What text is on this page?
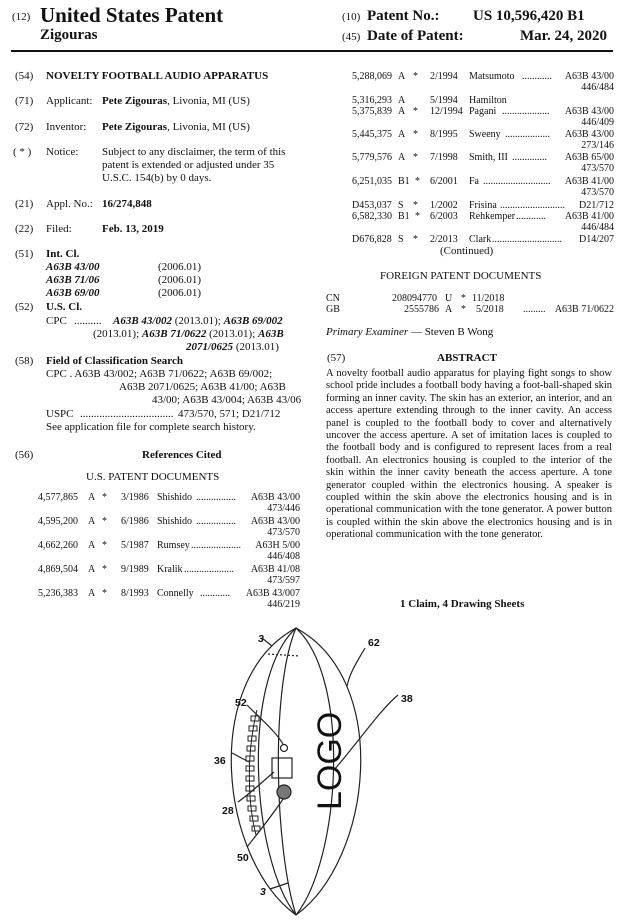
(12) United States Patent
Zigouras
(10) Patent No.: US 10,596,420 B1
(45) Date of Patent:	Mar. 24, 2020
(54) NOVELTY FOOTBALL AUDIO APPARATUS
(71) Applicant: Pete Zigouras, Livonia, MI (US)
(72) Inventor: Pete Zigouras, Livonia, MI (US)
( * ) Notice: Subject to any disclaimer, the term of this
patent is extended or adjusted under 35
U.S.C. 154(b) by 0 days.
(21) Appl. No.: 16/274,848
(22) Filed:	Feb. 13, 2019
(51) Int. Cl.
A63B 43/00	(2006.01)
A63B 71/06	(2006.01)
A63B 69/00	(2006.01)
(52) U.S. Cl.
CPC .......... A63B 43/002 (2013.01); A63B 69/002
(2013.01); A63B 71/0622 (2013.01); A63B
2071/0625 (2013.01)
(58) Field of Classification Search
CPC . A63B 43/002; A63B 71/0622; A63B 69/002;
A63B 2071/0625; A63B 41/00; A63B
43/00; A63B 43/004; A63B 43/06
USPC .................................. 473/570, 571; D21/712
See application file for complete search history.
(56)	References Cited
U.S. PATENT DOCUMENTS
4,577,865 A * 3/1986 Shishido ................ A63B 43/00
473/446
4,595,200 A * 6/1986 Shishido ................ A63B 43/00
473/570
4,662,260 A * 5/1987 Rumsey .................... A63H 5/00
446/408
4,869,504 A * 9/1989 Kralik .................... A63B 41/08
473/597
5,236,383 A * 8/1993 Connelly ............ A63B 43/007
446/219
5,288,069 A * 2/1994 Matsumoto ............ A63B 43/00
446/484
5,316,293 A 5/1994 Hamilton
5,375,839 A * 12/1994 Pagani ................... A63B 43/00
446/409
5,445,375 A * 8/1995 Sweeny .................. A63B 43/00
273/146
5,779,576 A * 7/1998 Smith, III .............. A63B 65/00
473/570
6,251,035 B1 * 6/2001 Fa ........................... A63B 41/00
473/570
D453,037 S * 1/2002 Frisina .......................... D21/712
6,582,330 B1 * 6/2003 Rehkemper ............ A63B 41/00
446/484
D676,828 S * 2/2013 Clark ............................ D14/207
(Continued)
FOREIGN PATENT DOCUMENTS
CN	208094770 U * 11/2018
GB	2555786 A * 5/2018 ......... A63B 71/0622
Primary Examiner — Steven B Wong
(57)	ABSTRACT
A novelty football audio apparatus for playing fight songs to show school pride includes a football body having a foot-ball-shaped skin forming an inner cavity. The skin has an exterior, an interior, and an access aperture extending through to the inner cavity. An access panel is coupled to the football body to cover and alternatively uncover the access aperture. A set of imitation laces is coupled to the football body and is configured to represent laces from a real football. An electronics housing is coupled to the interior of the skin within the inner cavity beneath the access aperture. A tone generator coupled within the electronics housing. A speaker is coupled within the skin above the electronics housing and is in operational communication with the tone generator. A power button is coupled within the skin above the electronics housing and is in operational communication with the tone generator.
1 Claim, 4 Drawing Sheets
LOGO
3	62
52	38
36
28
50
3
